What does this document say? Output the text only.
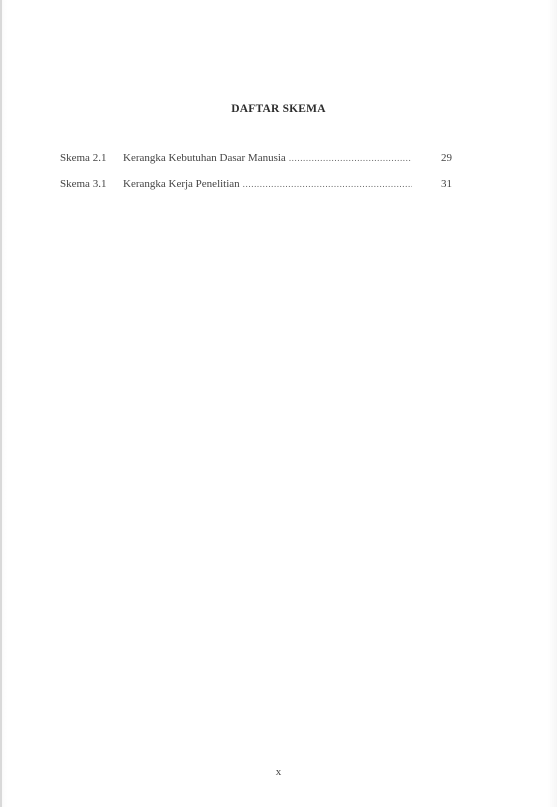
DAFTAR SKEMA
Skema 2.1	Kerangka Kebutuhan Dasar Manusia .....	29
Skema 3.1	Kerangka Kerja Penelitian .....	31
x
